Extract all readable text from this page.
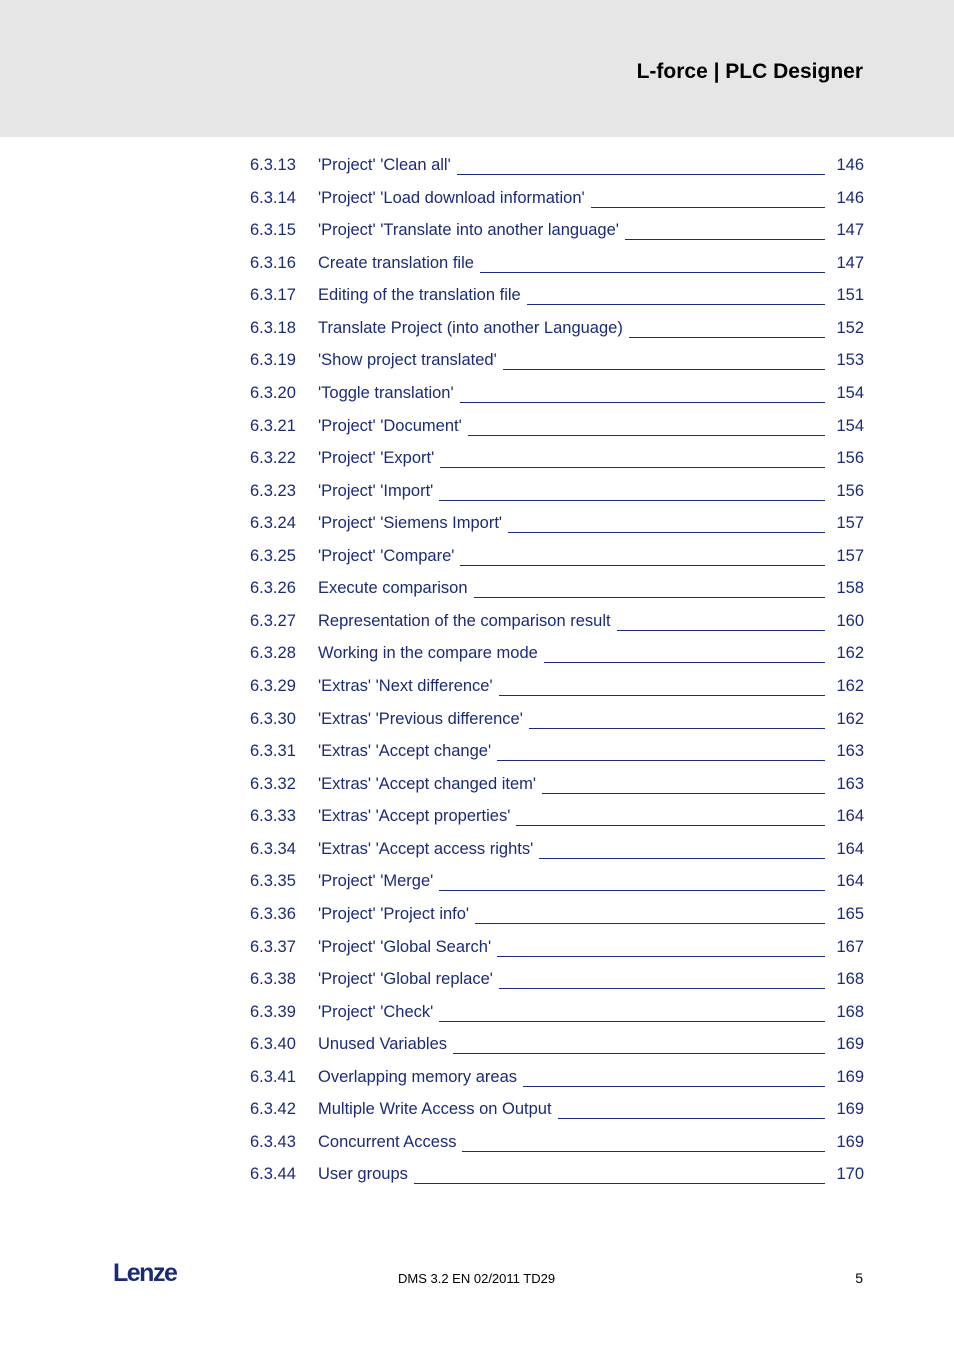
L-force | PLC Designer
6.3.13 'Project' 'Clean all'	146
6.3.14 'Project' 'Load download information'	146
6.3.15 'Project' 'Translate into another language'	147
6.3.16 Create translation file	147
6.3.17 Editing of the translation file	151
6.3.18 Translate Project (into another Language)	152
6.3.19 'Show project translated'	153
6.3.20 'Toggle translation'	154
6.3.21 'Project' 'Document'	154
6.3.22 'Project' 'Export'	156
6.3.23 'Project' 'Import'	156
6.3.24 'Project' 'Siemens Import'	157
6.3.25 'Project' 'Compare'	157
6.3.26 Execute comparison	158
6.3.27 Representation of the comparison result	160
6.3.28 Working in the compare mode	162
6.3.29 'Extras' 'Next difference'	162
6.3.30 'Extras' 'Previous difference'	162
6.3.31 'Extras' 'Accept change'	163
6.3.32 'Extras' 'Accept changed item'	163
6.3.33 'Extras' 'Accept properties'	164
6.3.34 'Extras' 'Accept access rights'	164
6.3.35 'Project' 'Merge'	164
6.3.36 'Project' 'Project info'	165
6.3.37 'Project' 'Global Search'	167
6.3.38 'Project' 'Global replace'	168
6.3.39 'Project' 'Check'	168
6.3.40 Unused Variables	169
6.3.41 Overlapping memory areas	169
6.3.42 Multiple Write Access on Output	169
6.3.43 Concurrent Access	169
6.3.44 User groups	170
Lenze	DMS 3.2 EN 02/2011 TD29	5
